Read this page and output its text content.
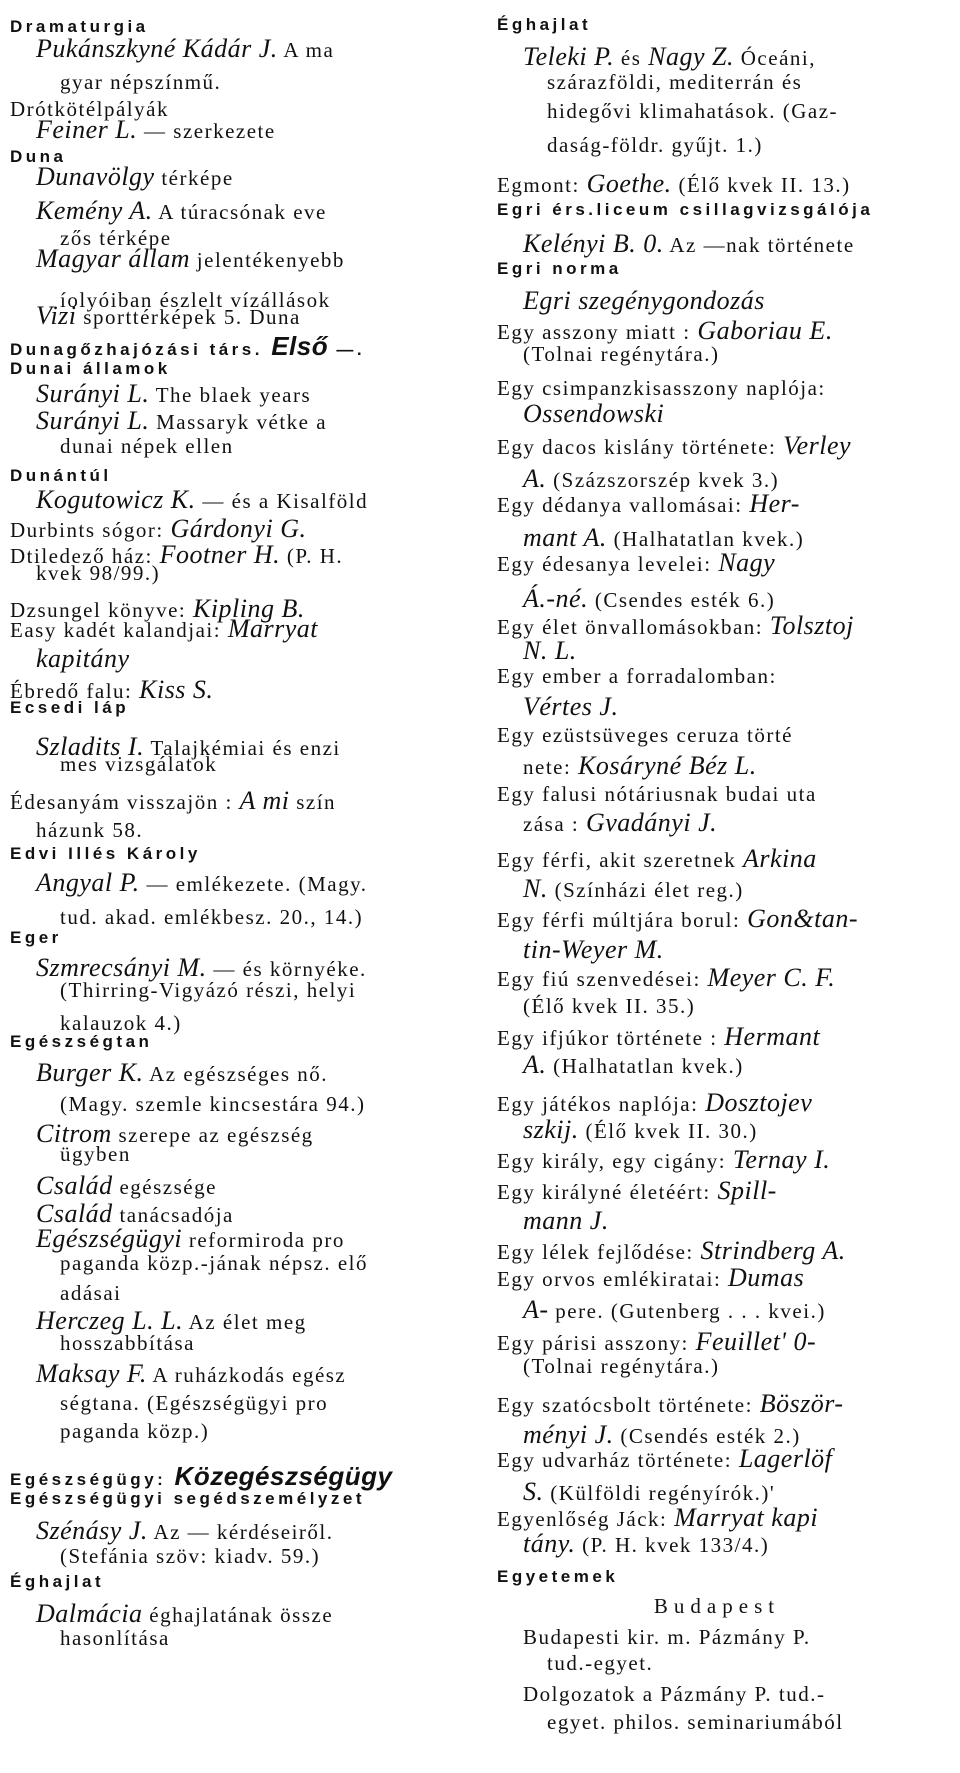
Dramaturgia
Pukánszkyné Kádár J. A ma
gyar népszínmű.
Drótkötélpályák
Feiner L. — szerkezete
Duna
Dunavölgy térképe
Kemény A. A túracsónak eve
zős térképe
Magyar állam jelentékenyebb
íolyóiban észlelt vízállások
Vizi sporttérképek 5. Duna
Dunagőzhajózási társ. Első —.
Dunai államok
Surányi L. The blaek years
Surányi L. Massaryk vétke a
dunai népek ellen
Dunántúl
Kogutowicz K. — és a Kisalföld
Durbints sógor: Gárdonyi G.
Dtiledező ház: Footner H. (P. H.
kvek 98/99.)
Dzsungel könyve: Kipling B.
Easy kadét kalandjai: Marryat
kapitány
Ébredő falu: Kiss S.
Ecsedi láp
Szladits I. Talajkémiai és enzi
mes vizsgálatok
Édesanyám visszajön : A mi szín
házunk 58.
Edvi Illés Károly
Angyal P. — emlékezete. (Magy.
tud. akad. emlékbesz. 20., 14.)
Eger
Szmrecsányi M. — és környéke.
(Thirring-Vigyázó részi, helyi
kalauzok 4.)
Egészségtan
Burger K. Az egészséges nő.
(Magy. szemle kincsestára 94.)
Citrom szerepe az egészség
ügyben
Család egészsége
Család tanácsadója
Egészségügyi reformiroda pro
paganda közp.-jának népsz. elő
adásai
Herczeg L. L. Az élet meg
hosszabbítása
Maksay F. A ruházkodás egész
ségtana. (Egészségügyi pro
paganda közp.)
Egészségügy: Közegészségügy
Egészségügyi segédszemélyzet
Szénásy J. Az — kérdéseiről.
(Stefánia szöv: kiadv. 59.)
Éghajlat
Dalmácia éghajlatának össze
hasonlítása
Éghajlat
Teleki P. és Nagy Z. Óceáni,
szárazföldi, mediterrán és
hidegővi klimahatások. (Gaz-
daság-földr. gyűjt. 1.)
Egmont: Goethe. (Élő kvek II. 13.)
Egri érs.liceum csillagvizsgálója
Kelényi B. 0. Az —nak története
Egri norma
Egri szegénygondozás
Egy asszony miatt : Gaboriau E.
(Tolnai regénytára.)
Egy csimpanzkisasszony naplója:
Ossendowski
Egy dacos kislány története: Verley
A. (Százszorszép kvek 3.)
Egy dédanya vallomásai: Her-
mant A. (Halhatatlan kvek.)
Egy édesanya levelei: Nagy
Á.-né. (Csendes esték 6.)
Egy élet önvallomásokban: Tolsztoj
N. L.
Egy ember a forradalomban:
Vértes J.
Egy ezüstsüveges ceruza törté
nete: Kosáryné Béz L.
Egy falusi nótáriusnak budai uta
zása : Gvadányi J.
Egy férfi, akit szeretnek Arkina
N. (Színházi élet reg.)
Egy férfi múltjára borul: Gon&tan-
tin-Weyer M.
Egy fiú szenvedései: Meyer C. F.
(Élő kvek II. 35.)
Egy ifjúkor története : Hermant
A. (Halhatatlan kvek.)
Egy játékos naplója: Dosztojev
szkij. (Élő kvek II. 30.)
Egy király, egy cigány: Ternay I.
Egy királyné életéért: Spill-
mann J.
Egy lélek fejlődése: Strindberg A.
Egy orvos emlékiratai: Dumas
A- pere. (Gutenberg . . . kvei.)
Egy párisi asszony: Feuillet' 0-
(Tolnai regénytára.)
Egy szatócsbolt története: Böször-
ményi J. (Csendés esték 2.)
Egy udvarház története: Lagerlöf
S. (Külföldi regényírók.)'
Egyenlőség Jáck: Marryat kapi
tány. (P. H. kvek 133/4.)
Egyetemek
Budapest
Budapesti kir. m. Pázmány P.
tud.-egyet.
Dolgozatok a Pázmány P. tud.-
egyet. philos. seminariumából
